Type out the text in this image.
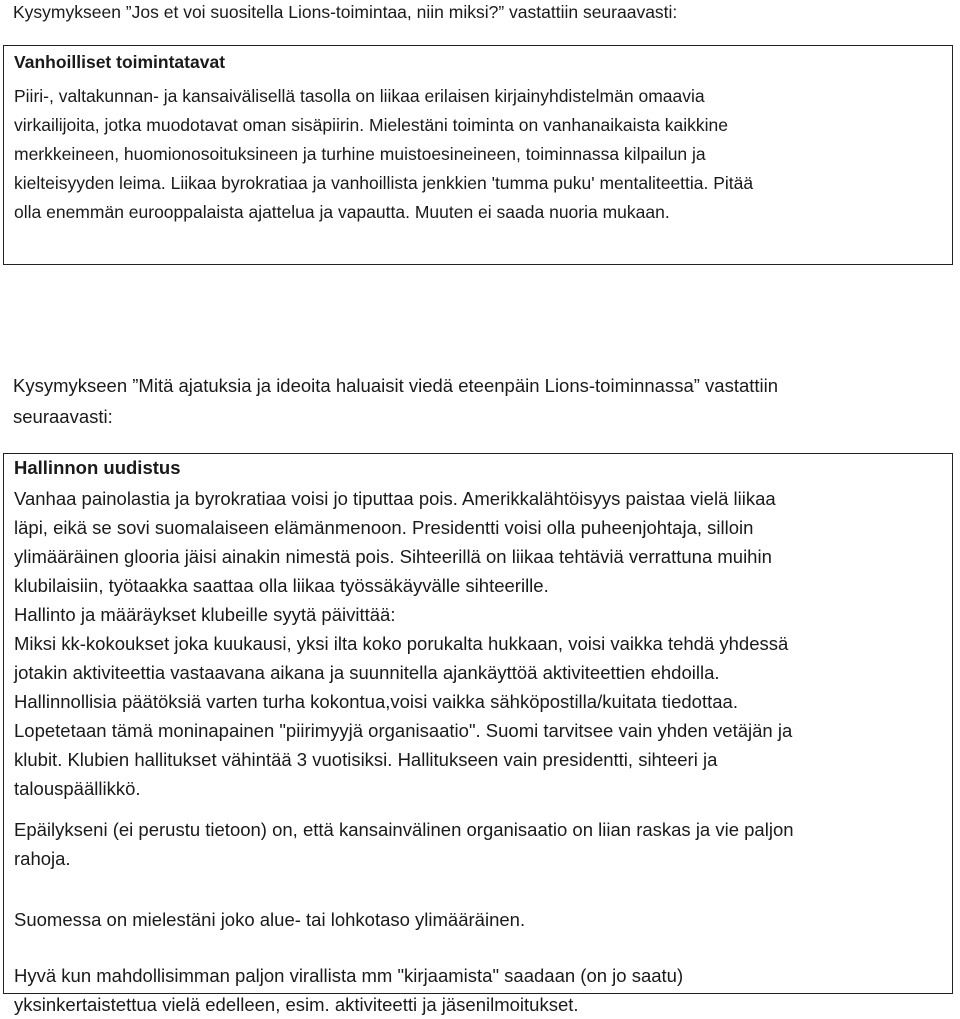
Kysymykseen ”Jos et voi suositella Lions-toimintaa, niin miksi?” vastattiin seuraavasti:
Vanhoilliset toimintatavat
Piiri-, valtakunnan- ja kansaivälisellä tasolla on liikaa erilaisen kirjainyhdistelmän omaavia
virkailijoita, jotka muodotavat oman sisäpiirin. Mielestäni toiminta on vanhanaikaista kaikkine
merkkeineen, huomionosoituksineen ja turhine muistoesineineen, toiminnassa kilpailun ja
kielteisyyden leima. Liikaa byrokratiaa ja vanhoillista jenkkien 'tumma puku' mentaliteettia. Pitää
olla enemmän eurooppalaista ajattelua ja vapautta. Muuten ei saada nuoria mukaan.
Kysymykseen ”Mitä ajatuksia ja ideoita haluaisit viedä eteenpäin Lions-toiminnassa” vastattiin
seuraavasti:
Hallinnon uudistus
Vanhaa painolastia ja byrokratiaa voisi jo tiputtaa pois. Amerikkalähtöisyys paistaa vielä liikaa
läpi, eikä se sovi suomalaiseen elämänmenoon. Presidentti voisi olla puheenjohtaja, silloin
ylimääräinen glooria jäisi ainakin nimestä pois. Sihteerillä on liikaa tehtäviä verrattuna muihin
klubilaisiin, työtaakka saattaa olla liikaa työssäkäyvälle sihteerille.
Hallinto ja määräykset klubeille syytä päivittää:
Miksi kk-kokoukset joka kuukausi, yksi ilta koko porukalta hukkaan, voisi vaikka tehdä yhdessä
jotakin aktiviteettia vastaavana aikana ja suunnitella ajankäyttöä aktiviteettien ehdoilla.
Hallinnollisia päätöksiä varten turha kokontua,voisi vaikka sähköpostilla/kuitata tiedottaa.
Lopetetaan tämä moninapainen "piirimyyjä organisaatio". Suomi tarvitsee vain yhden vetäjän ja
klubit. Klubien hallitukset vähintää 3 vuotisiksi. Hallitukseen vain presidentti, sihteeri ja
talouspäällikkö.
Epäilykseni (ei perustu tietoon) on, että kansainvälinen organisaatio on liian raskas ja vie paljon
rahoja.
Suomessa on mielestäni joko alue- tai lohkotaso ylimääräinen.
Hyvä kun mahdollisimman paljon virallista mm "kirjaamista" saadaan (on jo saatu)
yksinkertaistettua vielä edelleen, esim. aktiviteetti ja jäsenilmoitukset.
